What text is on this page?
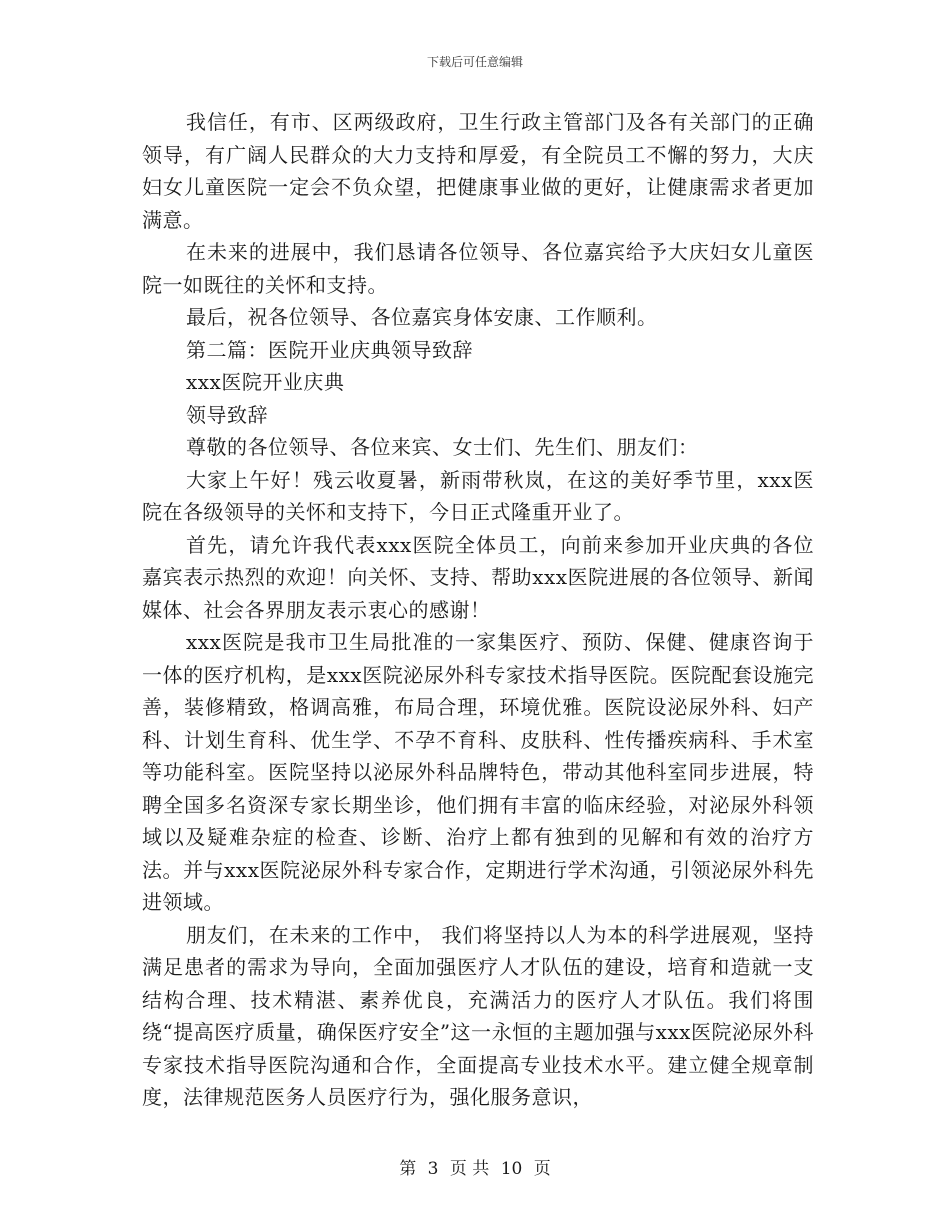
下载后可任意编辑

我信任，有市、区两级政府，卫生行政主管部门及各有关部门的正确领导，有广阔人民群众的大力支持和厚爱，有全院员工不懈的努力，大庆妇女儿童医院一定会不负众望，把健康事业做的更好，让健康需求者更加满意。

在未来的进展中，我们恳请各位领导、各位嘉宾给予大庆妇女儿童医院一如既往的关怀和支持。

最后，祝各位领导、各位嘉宾身体安康、工作顺利。

第二篇：医院开业庆典领导致辞

xxx医院开业庆典

领导致辞

尊敬的各位领导、各位来宾、女士们、先生们、朋友们：

大家上午好！残云收夏暑，新雨带秋岚，在这的美好季节里，xxx医院在各级领导的关怀和支持下，今日正式隆重开业了。

首先，请允许我代表xxx医院全体员工，向前来参加开业庆典的各位嘉宾表示热烈的欢迎！向关怀、支持、帮助xxx医院进展的各位领导、新闻媒体、社会各界朋友表示衷心的感谢！

xxx医院是我市卫生局批准的一家集医疗、预防、保健、健康咨询于一体的医疗机构，是xxx医院泌尿外科专家技术指导医院。医院配套设施完善，装修精致，格调高雅，布局合理，环境优雅。医院设泌尿外科、妇产科、计划生育科、优生学、不孕不育科、皮肤科、性传播疾病科、手术室等功能科室。医院坚持以泌尿外科品牌特色，带动其他科室同步进展，特聘全国多名资深专家长期坐诊，他们拥有丰富的临床经验，对泌尿外科领域以及疑难杂症的检查、诊断、治疗上都有独到的见解和有效的治疗方法。并与xxx医院泌尿外科专家合作，定期进行学术沟通，引领泌尿外科先进领域。

朋友们，在未来的工作中， 我们将坚持以人为本的科学进展观，坚持满足患者的需求为导向，全面加强医疗人才队伍的建设，培育和造就一支结构合理、技术精湛、素养优良，充满活力的医疗人才队伍。我们将围绕“提高医疗质量，确保医疗安全”这一永恒的主题加强与xxx医院泌尿外科专家技术指导医院沟通和合作，全面提高专业技术水平。建立健全规章制度，法律规范医务人员医疗行为，强化服务意识，

第 3 页 共 10 页
